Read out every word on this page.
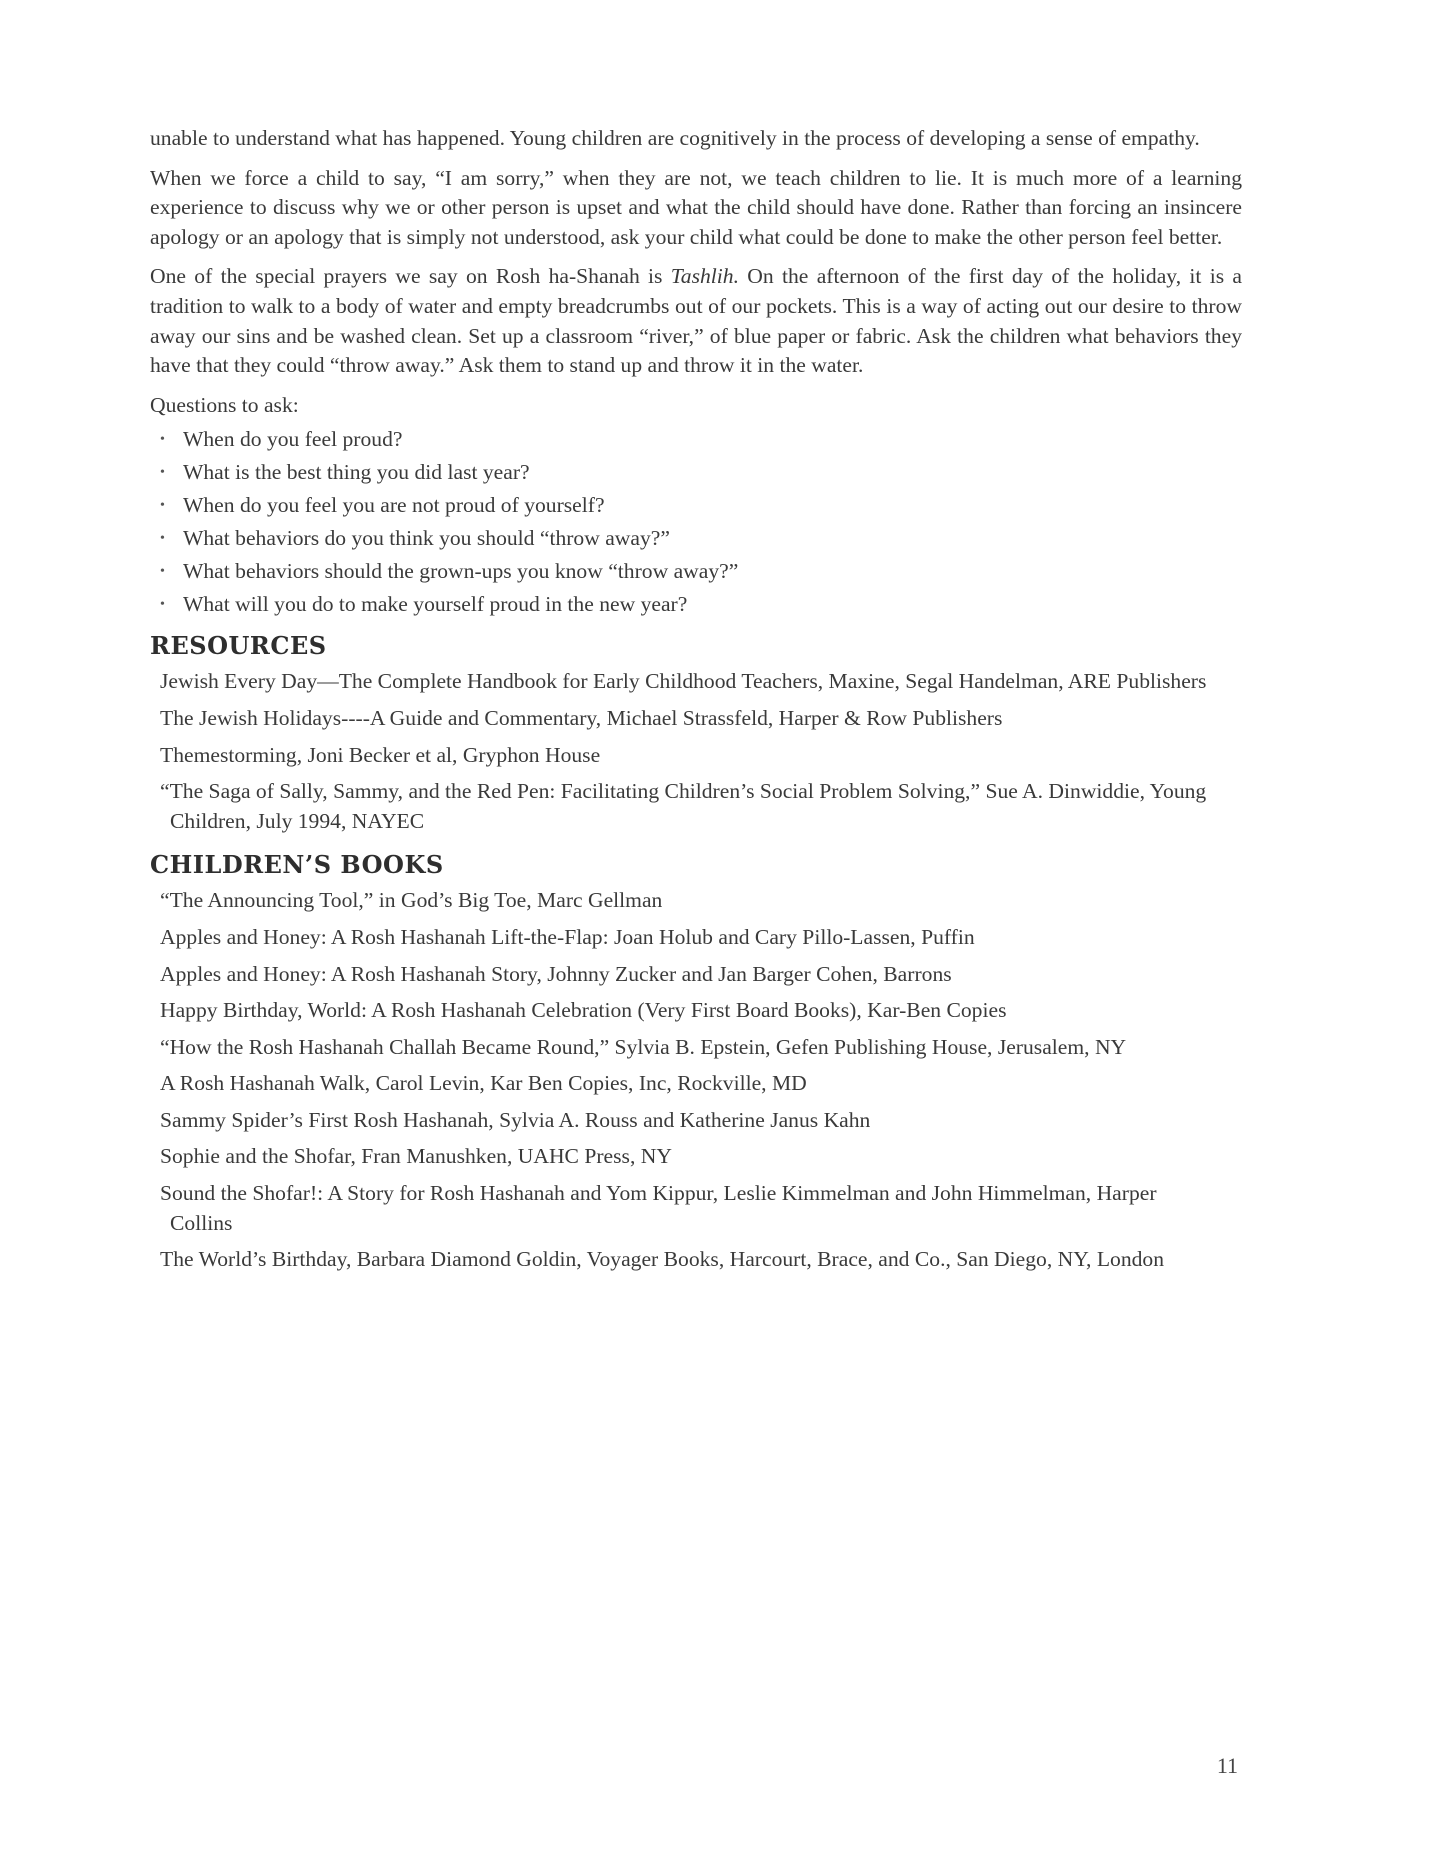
unable to understand what has happened. Young children are cognitively in the process of developing a sense of empathy.

When we force a child to say, “I am sorry,” when they are not, we teach children to lie. It is much more of a learning experience to discuss why we or other person is upset and what the child should have done. Rather than forcing an insincere apology or an apology that is simply not understood, ask your child what could be done to make the other person feel better.

One of the special prayers we say on Rosh ha-Shanah is Tashlih. On the afternoon of the first day of the holiday, it is a tradition to walk to a body of water and empty breadcrumbs out of our pockets. This is a way of acting out our desire to throw away our sins and be washed clean. Set up a classroom “river,” of blue paper or fabric. Ask the children what behaviors they have that they could “throw away.” Ask them to stand up and throw it in the water.

Questions to ask:
• When do you feel proud?
• What is the best thing you did last year?
• When do you feel you are not proud of yourself?
• What behaviors do you think you should “throw away?”
• What behaviors should the grown-ups you know “throw away?”
• What will you do to make yourself proud in the new year?
RESOURCES
Jewish Every Day—The Complete Handbook for Early Childhood Teachers, Maxine, Segal Handelman, ARE Publishers
The Jewish Holidays----A Guide and Commentary, Michael Strassfeld, Harper & Row Publishers
Themestorming, Joni Becker et al, Gryphon House
“The Saga of Sally, Sammy, and the Red Pen: Facilitating Children’s Social Problem Solving,” Sue A. Dinwiddie, Young Children, July 1994, NAYEC
CHILDREN’S BOOKS
“The Announcing Tool,” in God’s Big Toe, Marc Gellman
Apples and Honey: A Rosh Hashanah Lift-the-Flap: Joan Holub and Cary Pillo-Lassen, Puffin
Apples and Honey: A Rosh Hashanah Story, Johnny Zucker and Jan Barger Cohen, Barrons
Happy Birthday, World: A Rosh Hashanah Celebration (Very First Board Books), Kar-Ben Copies
“How the Rosh Hashanah Challah Became Round,” Sylvia B. Epstein, Gefen Publishing House, Jerusalem, NY
A Rosh Hashanah Walk, Carol Levin, Kar Ben Copies, Inc, Rockville, MD
Sammy Spider’s First Rosh Hashanah, Sylvia A. Rouss and Katherine Janus Kahn
Sophie and the Shofar, Fran Manushken, UAHC Press, NY
Sound the Shofar!: A Story for Rosh Hashanah and Yom Kippur, Leslie Kimmelman and John Himmelman, Harper Collins
The World’s Birthday, Barbara Diamond Goldin, Voyager Books, Harcourt, Brace, and Co., San Diego, NY, London
11
